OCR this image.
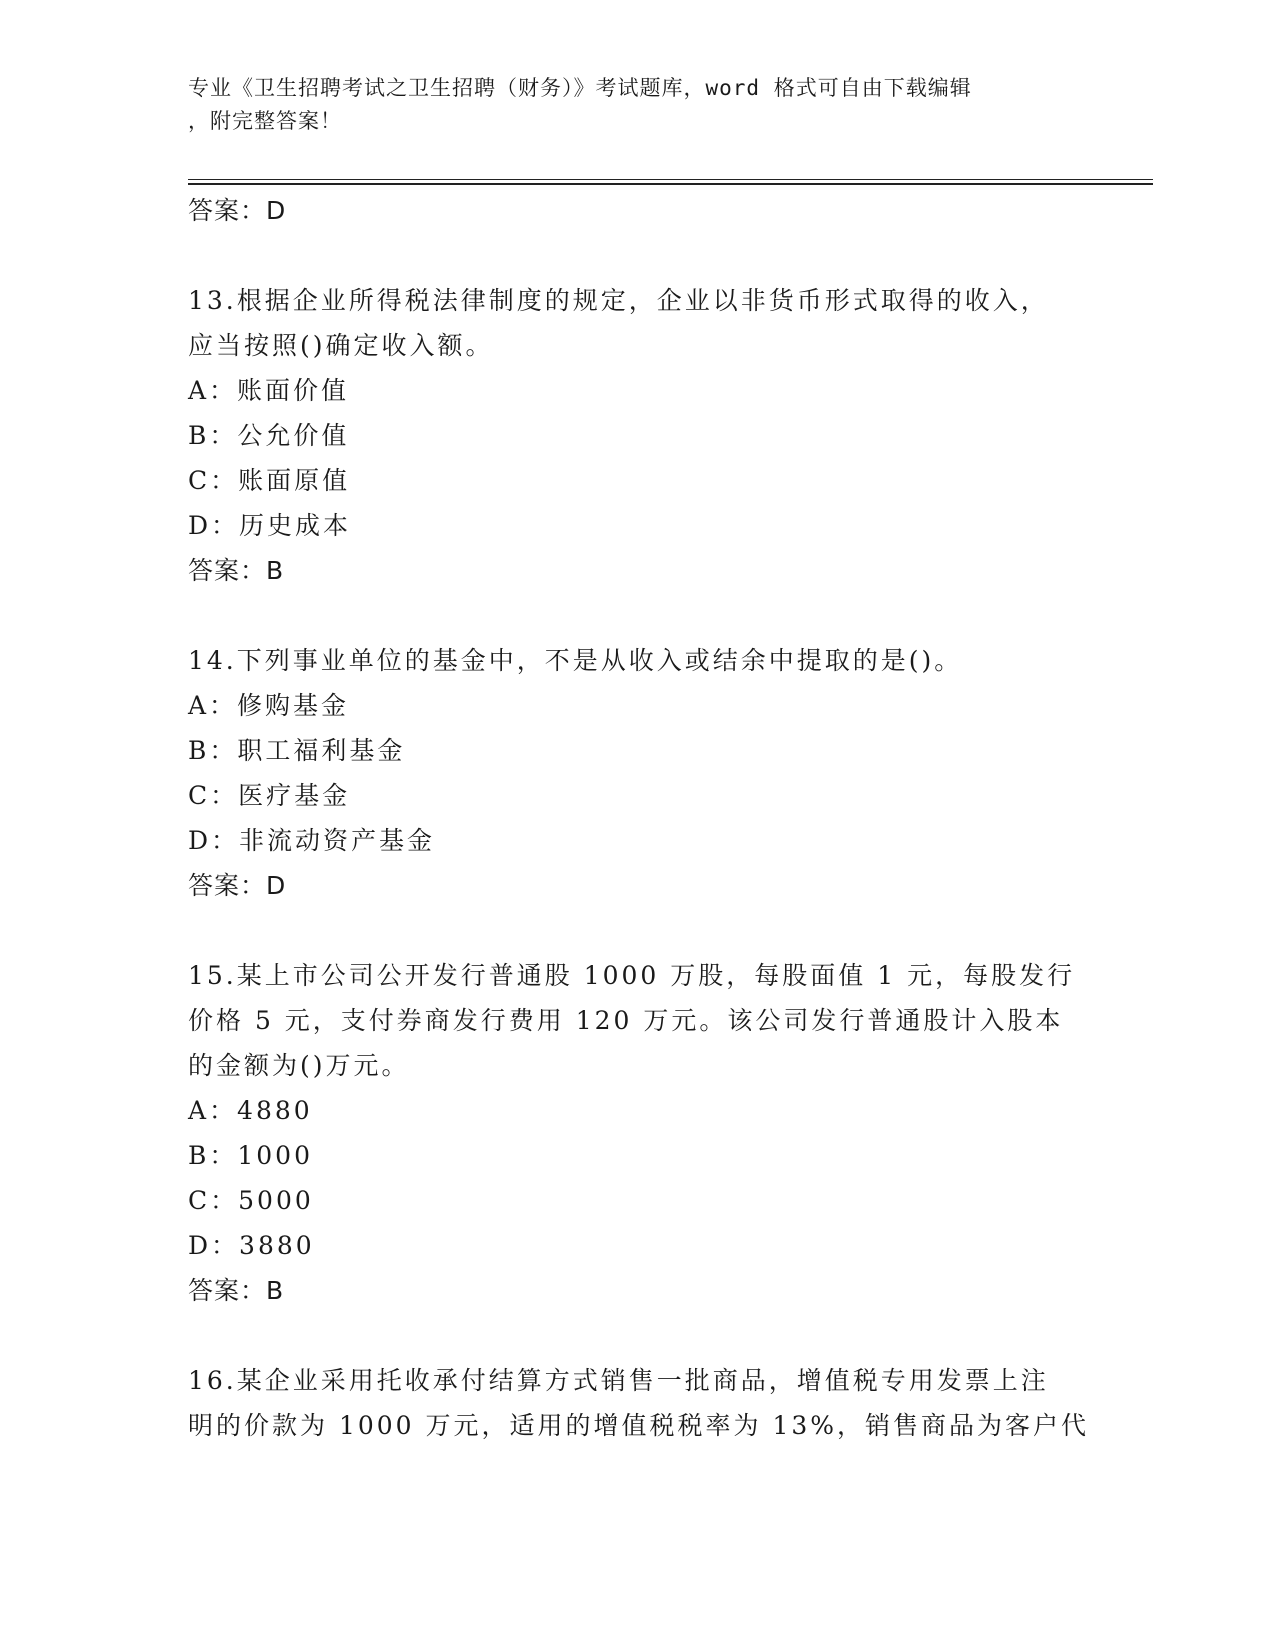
专业《卫生招聘考试之卫生招聘（财务）》考试题库，word 格式可自由下载编辑
，附完整答案！
答案：D
13.根据企业所得税法律制度的规定，企业以非货币形式取得的收入，
应当按照()确定收入额。
A：账面价值
B：公允价值
C：账面原值
D：历史成本
答案：B
14.下列事业单位的基金中，不是从收入或结余中提取的是()。
A：修购基金
B：职工福利基金
C：医疗基金
D：非流动资产基金
答案：D
15.某上市公司公开发行普通股 1000 万股，每股面值 1 元，每股发行
价格 5 元，支付券商发行费用 120 万元。该公司发行普通股计入股本
的金额为()万元。
A：4880
B：1000
C：5000
D：3880
答案：B
16.某企业采用托收承付结算方式销售一批商品，增值税专用发票上注
明的价款为 1000 万元，适用的增值税税率为 13%，销售商品为客户代
